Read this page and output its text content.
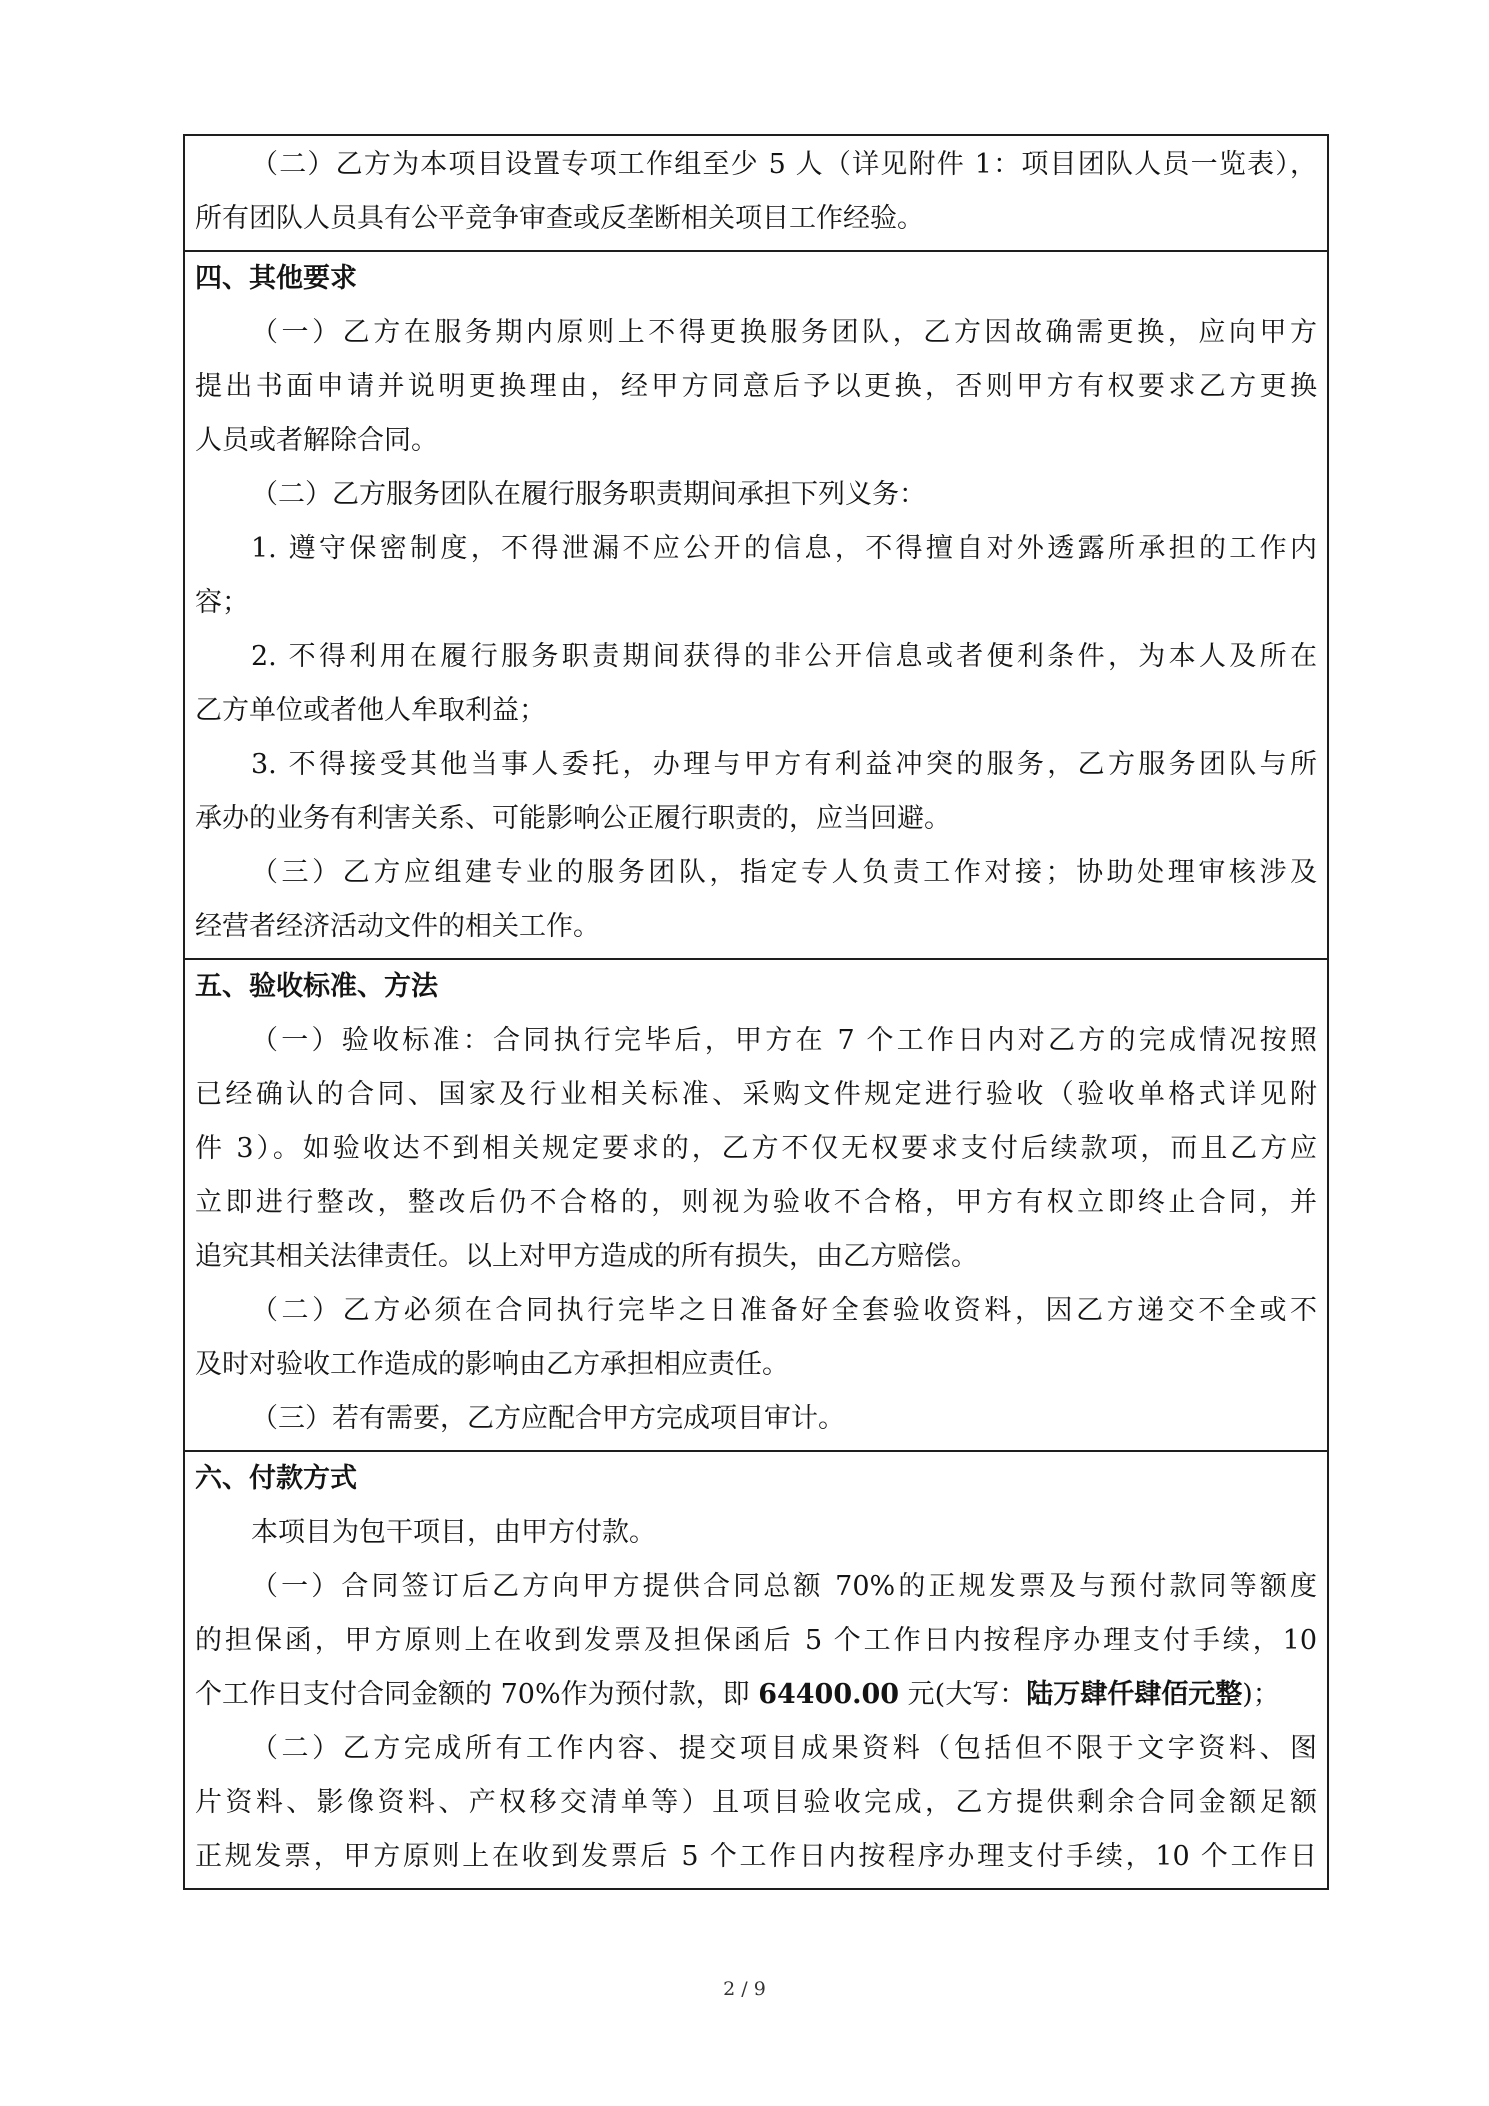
（二）乙方为本项目设置专项工作组至少 5 人（详见附件 1：项目团队人员一览表），
所有团队人员具有公平竞争审查或反垄断相关项目工作经验。
四、其他要求
（一）乙方在服务期内原则上不得更换服务团队，乙方因故确需更换，应向甲方
提出书面申请并说明更换理由，经甲方同意后予以更换，否则甲方有权要求乙方更换
人员或者解除合同。
（二）乙方服务团队在履行服务职责期间承担下列义务：
1. 遵守保密制度，不得泄漏不应公开的信息，不得擅自对外透露所承担的工作内
容；
2. 不得利用在履行服务职责期间获得的非公开信息或者便利条件，为本人及所在
乙方单位或者他人牟取利益；
3. 不得接受其他当事人委托，办理与甲方有利益冲突的服务，乙方服务团队与所
承办的业务有利害关系、可能影响公正履行职责的，应当回避。
（三）乙方应组建专业的服务团队，指定专人负责工作对接；协助处理审核涉及
经营者经济活动文件的相关工作。
五、验收标准、方法
（一）验收标准：合同执行完毕后，甲方在 7 个工作日内对乙方的完成情况按照
已经确认的合同、国家及行业相关标准、采购文件规定进行验收（验收单格式详见附
件 3）。如验收达不到相关规定要求的，乙方不仅无权要求支付后续款项，而且乙方应
立即进行整改，整改后仍不合格的，则视为验收不合格，甲方有权立即终止合同，并
追究其相关法律责任。以上对甲方造成的所有损失，由乙方赔偿。
（二）乙方必须在合同执行完毕之日准备好全套验收资料，因乙方递交不全或不
及时对验收工作造成的影响由乙方承担相应责任。
（三）若有需要，乙方应配合甲方完成项目审计。
六、付款方式
本项目为包干项目，由甲方付款。
（一）合同签订后乙方向甲方提供合同总额 70%的正规发票及与预付款同等额度
的担保函，甲方原则上在收到发票及担保函后 5 个工作日内按程序办理支付手续，10
个工作日支付合同金额的 70%作为预付款，即 64400.00 元(大写：陆万肆仟肆佰元整)；
（二）乙方完成所有工作内容、提交项目成果资料（包括但不限于文字资料、图
片资料、影像资料、产权移交清单等）且项目验收完成，乙方提供剩余合同金额足额
正规发票，甲方原则上在收到发票后 5 个工作日内按程序办理支付手续，10 个工作日
2 / 9
